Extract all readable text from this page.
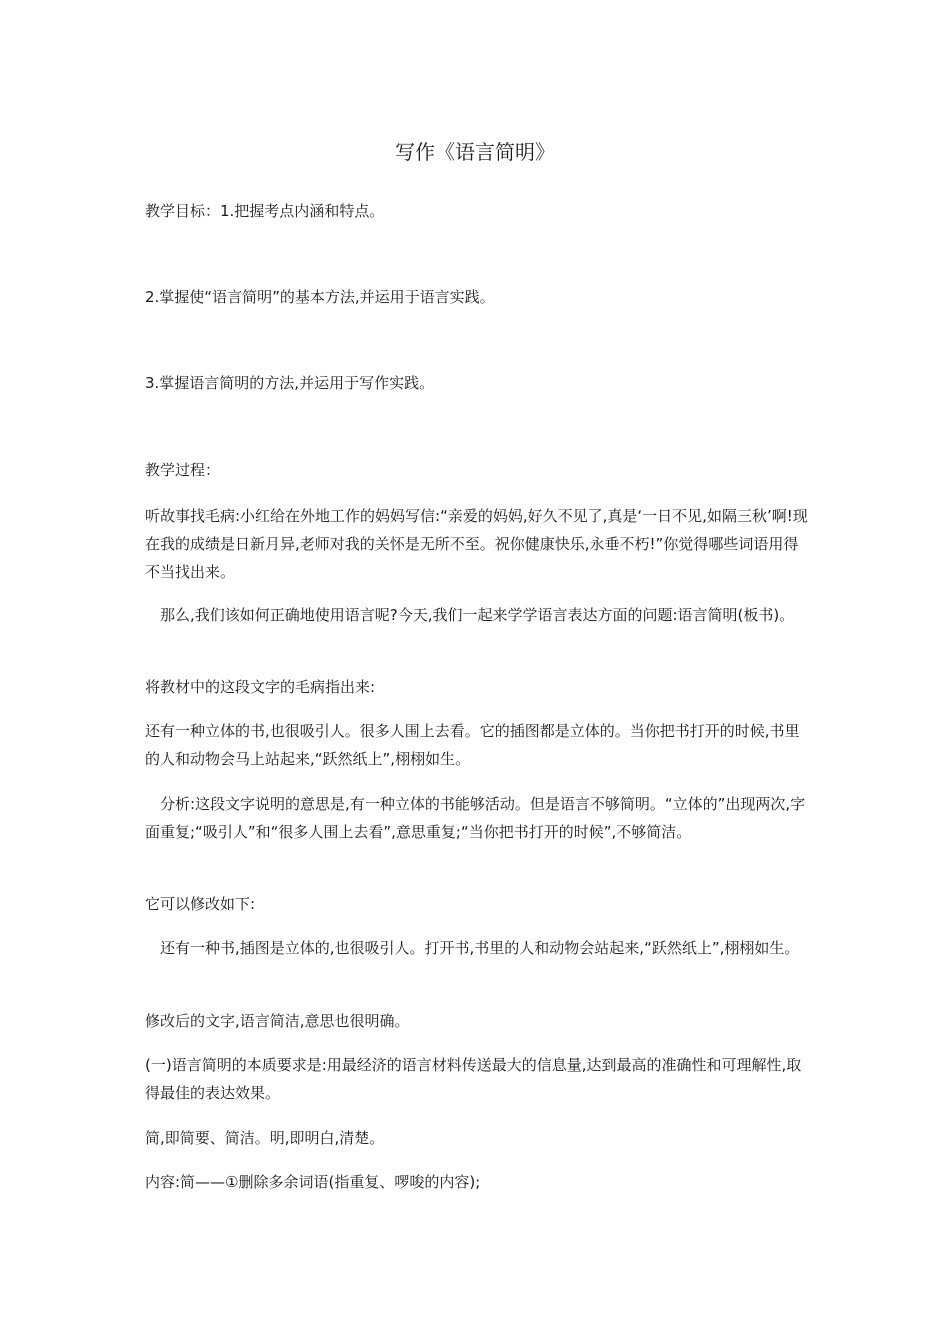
写作《语言简明》

教学目标：1.把握考点内涵和特点。

2.掌握使“语言简明”的基本方法,并运用于语言实践。

3.掌握语言简明的方法,并运用于写作实践。

教学过程：

听故事找毛病:小红给在外地工作的妈妈写信:“亲爱的妈妈,好久不见了,真是‘一日不见,如隔三秋’啊!现在我的成绩是日新月异,老师对我的关怀是无所不至。祝你健康快乐,永垂不朽!”你觉得哪些词语用得不当找出来。

　那么,我们该如何正确地使用语言呢?今天,我们一起来学学语言表达方面的问题:语言简明(板书)。

将教材中的这段文字的毛病指出来:

还有一种立体的书,也很吸引人。很多人围上去看。它的插图都是立体的。当你把书打开的时候,书里的人和动物会马上站起来,“跃然纸上”,栩栩如生。

　分析:这段文字说明的意思是,有一种立体的书能够活动。但是语言不够简明。“立体的”出现两次,字面重复;“吸引人”和“很多人围上去看”,意思重复;“当你把书打开的时候”,不够简洁。

它可以修改如下:

　还有一种书,插图是立体的,也很吸引人。打开书,书里的人和动物会站起来,“跃然纸上”,栩栩如生。

修改后的文字,语言简洁,意思也很明确。

(一)语言简明的本质要求是:用最经济的语言材料传送最大的信息量,达到最高的准确性和可理解性,取得最佳的表达效果。

简,即简要、简洁。明,即明白,清楚。

内容:简——①删除多余词语(指重复、啰唆的内容);
